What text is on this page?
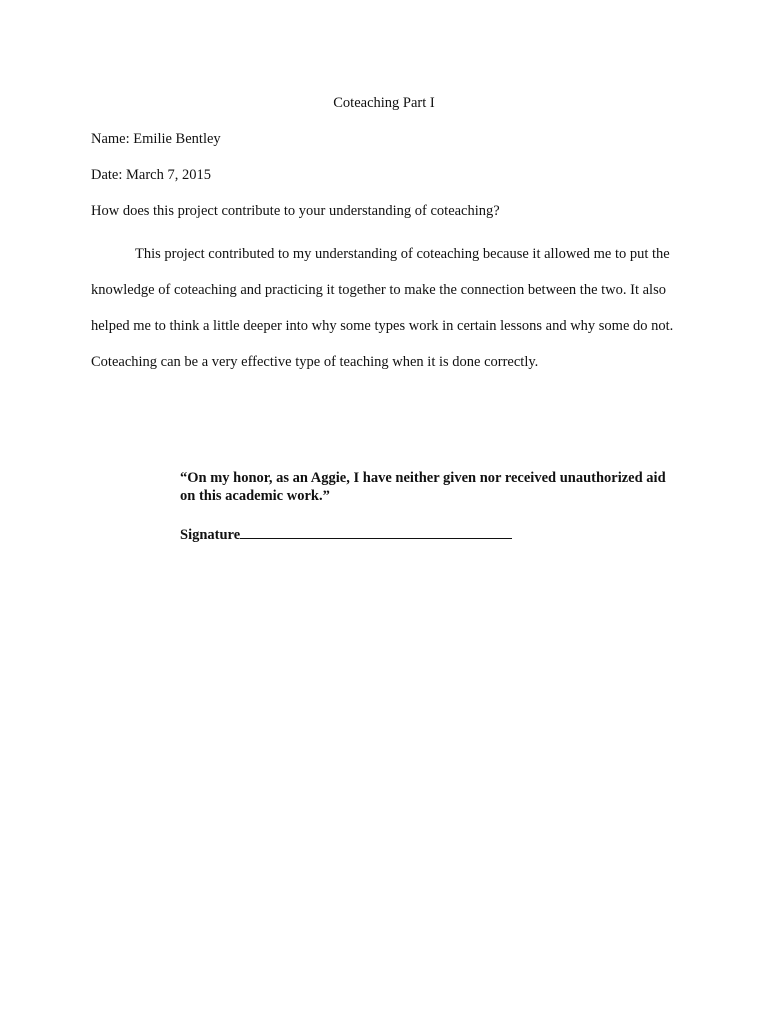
Coteaching Part I
Name: Emilie Bentley
Date: March 7, 2015
How does this project contribute to your understanding of coteaching?

This project contributed to my understanding of coteaching because it allowed me to put the knowledge of coteaching and practicing it together to make the connection between the two. It also helped me to think a little deeper into why some types work in certain lessons and why some do not. Coteaching can be a very effective type of teaching when it is done correctly.

“On my honor, as an Aggie, I have neither given nor received unauthorized aid on this academic work.”

Signature
